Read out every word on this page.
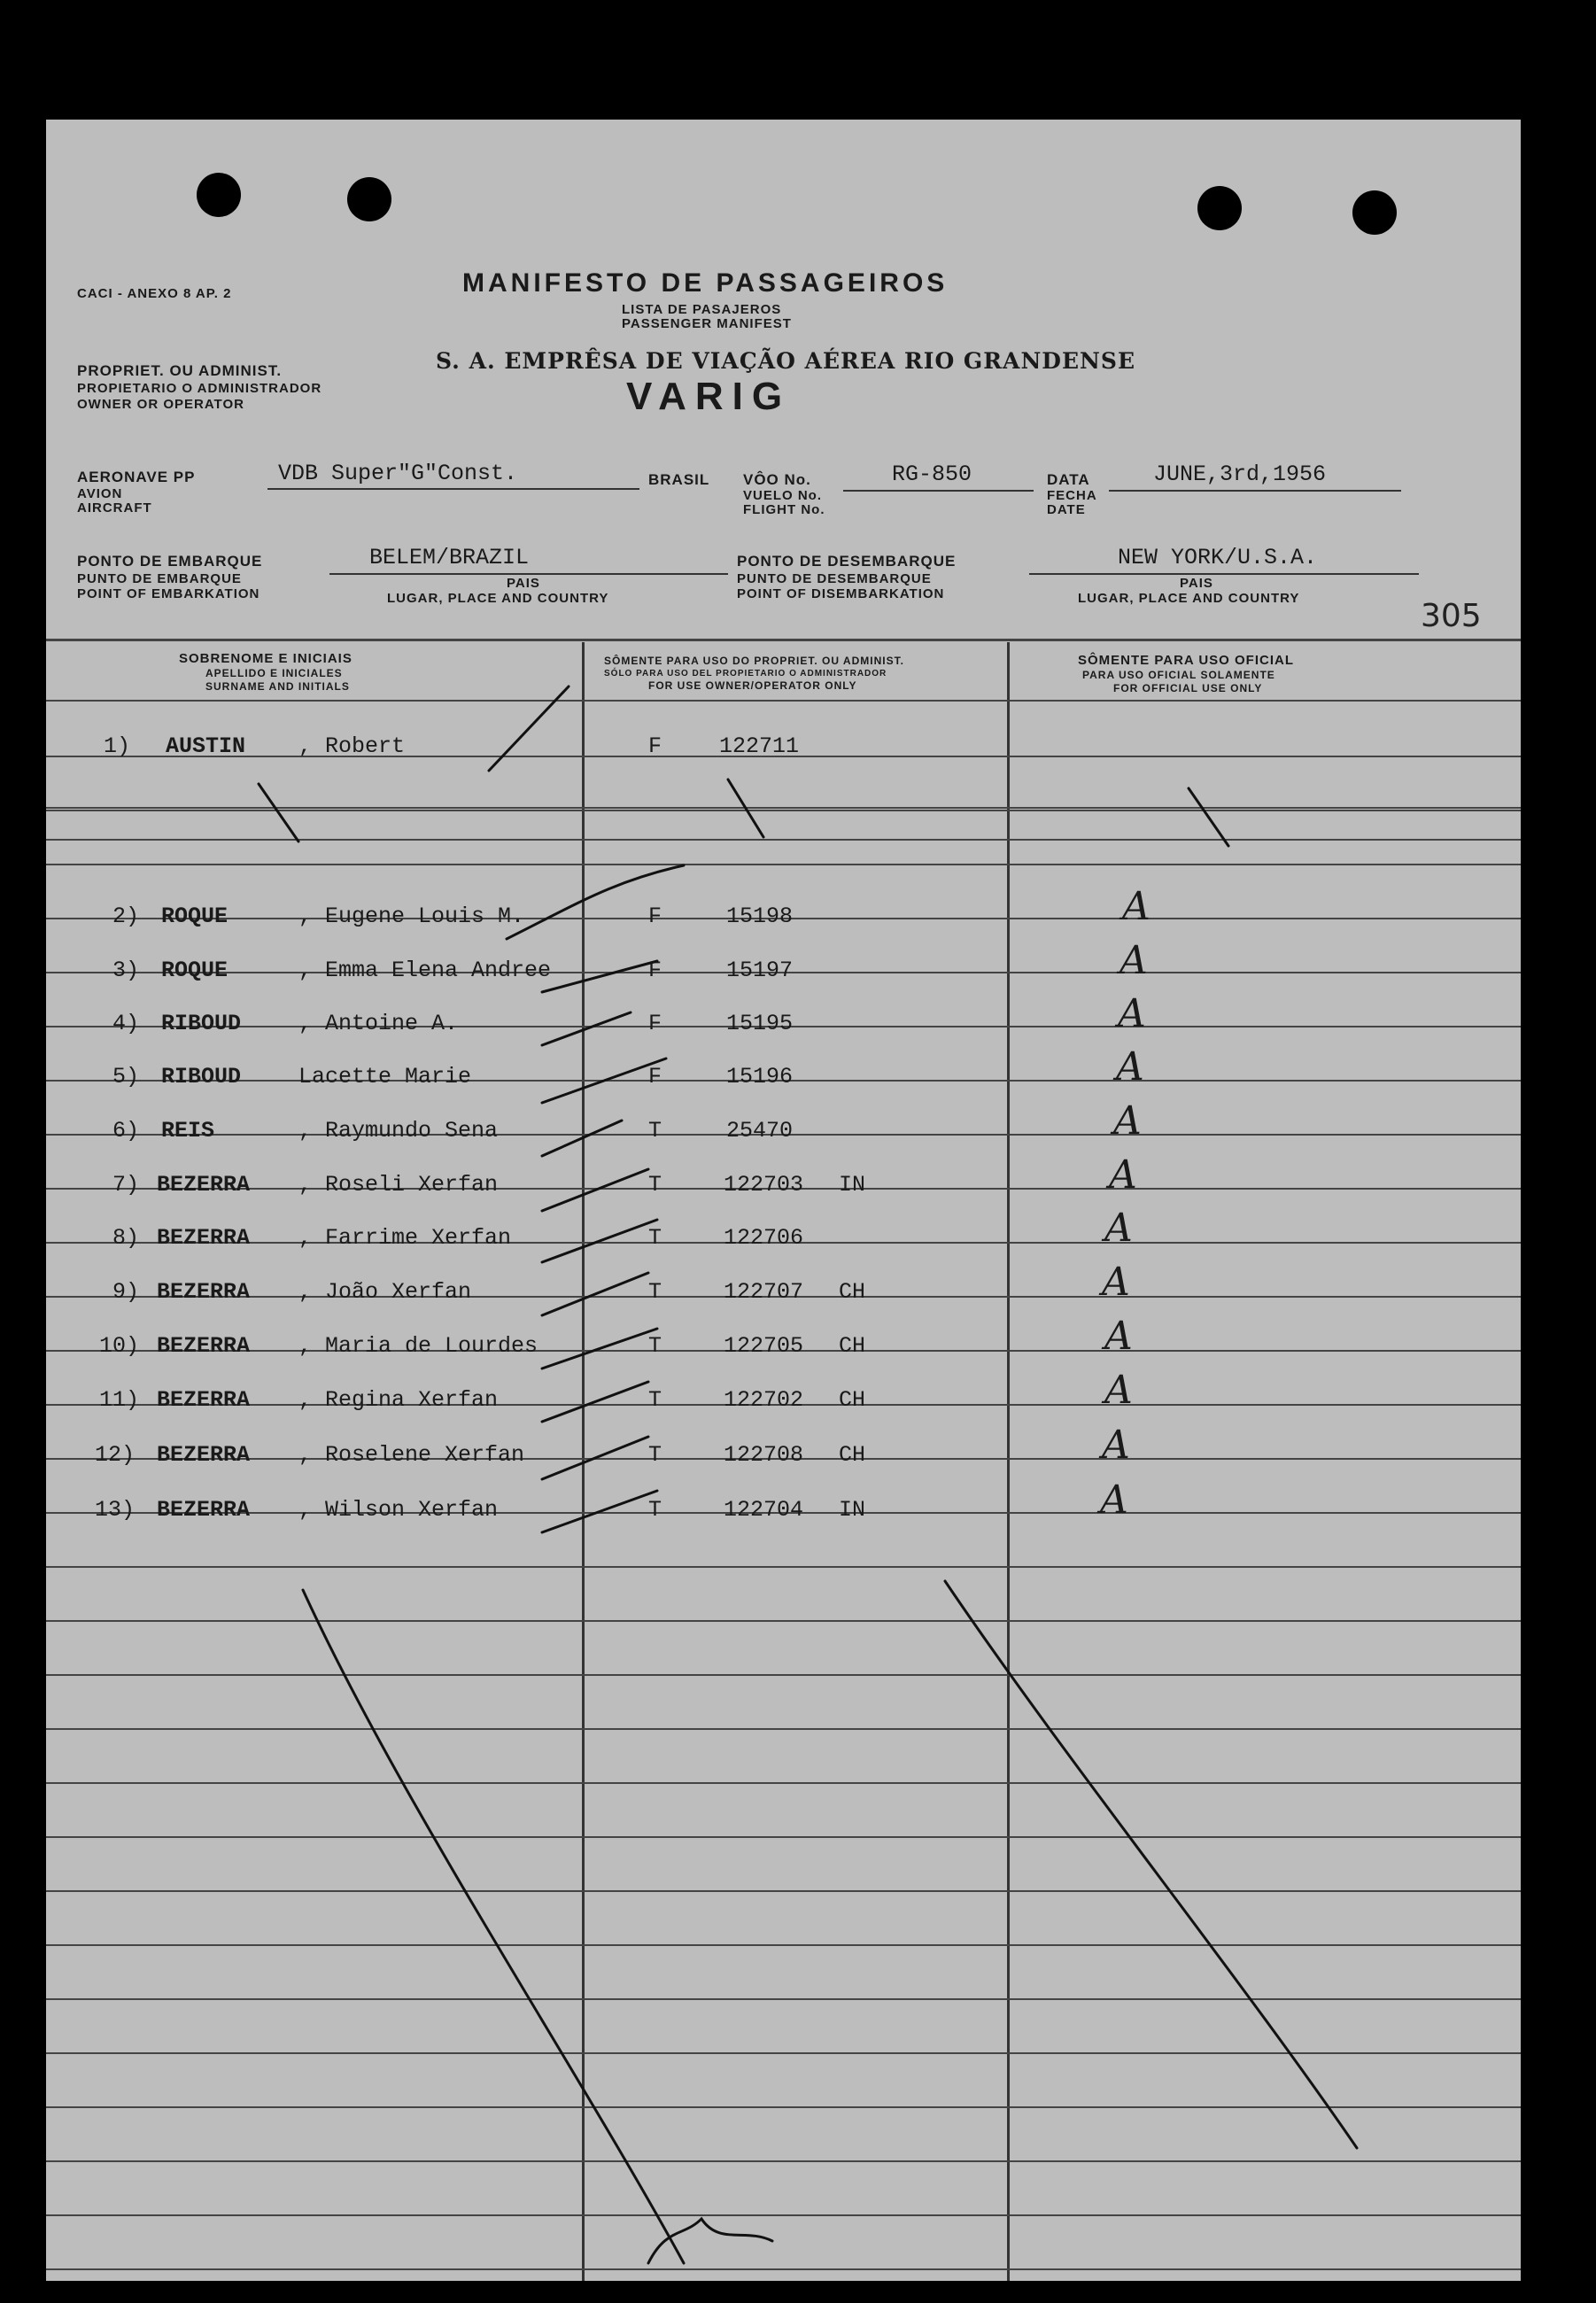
305
CACI - ANEXO 8 AP. 2	MANIFESTO DE PASSAGEIROS
LISTA DE PASAJEROS
PASSENGER MANIFEST
PROPRIET. OU ADMINIST.
PROPIETARIO O ADMINISTRADOR
OWNER OR OPERATOR
S. A. EMPRÊSA DE VIAÇÃO AÉREA RIO GRANDENSE
VARIG
AERONAVE PP
AVION
AIRCRAFT
VDB Super"G"Const.	BRASIL VÔO No.
VUELO No.
FLIGHT No.
RG-850	DATA
FECHA
DATE
JUNE,3rd,1956
PONTO DE EMBARQUE
PUNTO DE EMBARQUE
POINT OF EMBARKATION
BELEM/BRAZIL
PAIS
LUGAR, PLACE AND COUNTRY
PONTO DE DESEMBARQUE
PUNTO DE DESEMBARQUE
POINT OF DISEMBARKATION
NEW YORK/U.S.A.
PAIS
LUGAR, PLACE AND COUNTRY
SOBRENOME E INICIAIS
APELLIDO E INICIALES
SURNAME AND INITIALS
SÔMENTE PARA USO DO PROPRIET. OU ADMINIST.
SÓLO PARA USO DEL PROPIETARIO O ADMINISTRADOR
FOR USE OWNER/OPERATOR ONLY
SÔMENTE PARA USO OFICIAL
PARA USO OFICIAL SOLAMENTE
FOR OFFICIAL USE ONLY
1) AUSTIN , Robert	F	122711
2) ROQUE	, Eugene Louis M.	F	15198	A
3) ROQUE	, Emma Elena Andree	F	15197	A
4) RIBOUD	, Antoine A.	F	15195	A
5) RIBOUD	Lacette Marie	F	15196	A
6) REIS	, Raymundo Sena	T	25470	A
7) BEZERRA , Roseli Xerfan	T	122703 IN	A
8) BEZERRA , Farrime Xerfan	T	122706	A
9) BEZERRA , João Xerfan	T	122707 CH	A
10) BEZERRA , Maria de Lourdes	T	122705 CH	A
11) BEZERRA , Regina Xerfan	T	122702 CH	A
12) BEZERRA , Roselene Xerfan	T	122708 CH	A
13) BEZERRA , Wilson Xerfan	T	122704 IN	A
